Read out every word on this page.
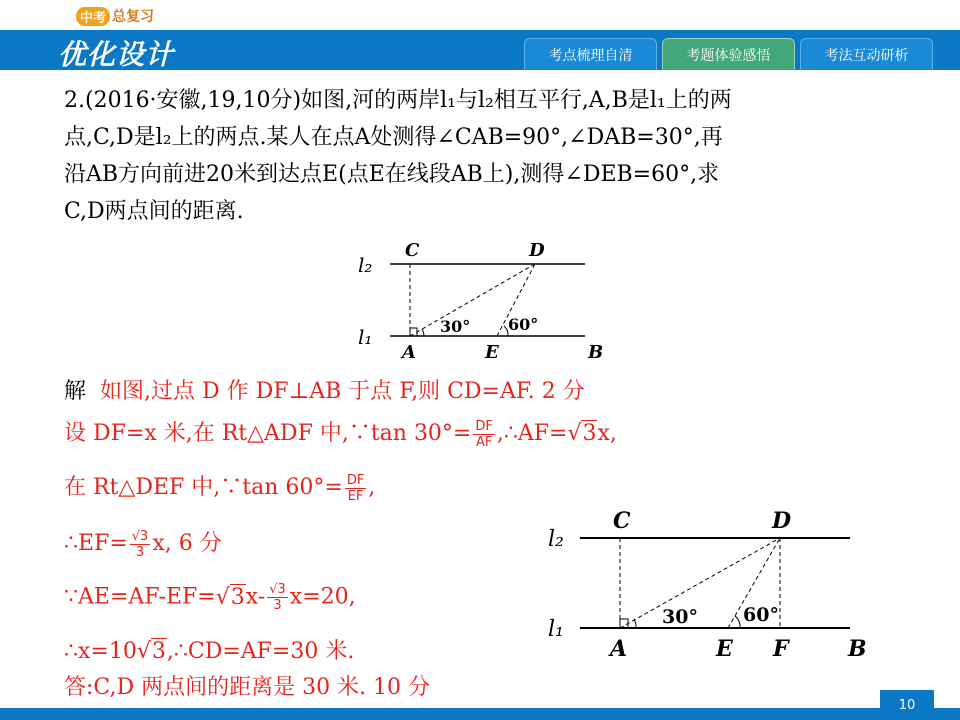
中考 总复习
优化设计	考点梳理自清	考题体验感悟	考法互动研析
2.(2016·安徽,19,10分)如图,河的两岸l₁与l₂相互平行,A,B是l₁上的两
点,C,D是l₂上的两点.某人在点A处测得∠CAB=90°,∠DAB=30°,再
沿AB方向前进20米到达点E(点E在线段AB上),测得∠DEB=60°,求
C,D两点间的距离.
l₂
l₁
C	D
A	E	B
30° 60°
l₂
l₁
C	D
A	E F	B
30° 60°
解 如图,过点 D 作 DF⊥AB 于点 F,则 CD=AF. 2 分
设 DF=x 米,在 Rt△ADF 中,∵tan $30^\circ= \frac{DF}{AF}$ ,∴AF=√3x,
在 Rt△DEF 中,∵tan $60^\circ= \frac{DF}{EF}$ ,
∴EF= $\frac{√3}{3} x$, 6 分
∵AE=AF-EF=√3x- $\frac{√3}{3} x=20$,
∴x=10√3,∴CD=AF=30 米.
答:C,D 两点间的距离是 30 米. 10 分
10
